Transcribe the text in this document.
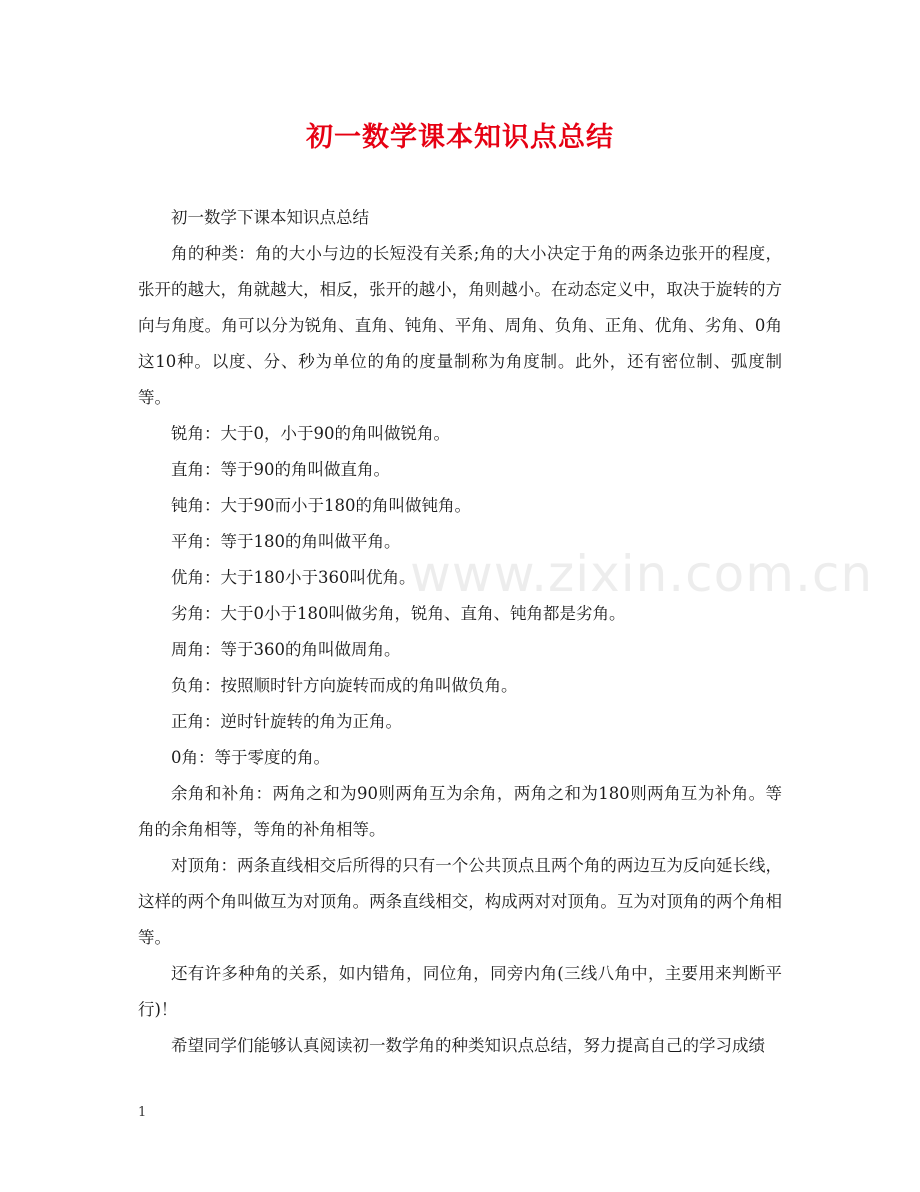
初一数学课本知识点总结

初一数学下课本知识点总结

角的种类：角的大小与边的长短没有关系;角的大小决定于角的两条边张开的程度，张开的越大，角就越大，相反，张开的越小，角则越小。在动态定义中，取决于旋转的方向与角度。角可以分为锐角、直角、钝角、平角、周角、负角、正角、优角、劣角、0角这10种。以度、分、秒为单位的角的度量制称为角度制。此外，还有密位制、弧度制等。

锐角：大于0，小于90的角叫做锐角。

直角：等于90的角叫做直角。

钝角：大于90而小于180的角叫做钝角。

平角：等于180的角叫做平角。

优角：大于180小于360叫优角。

劣角：大于0小于180叫做劣角，锐角、直角、钝角都是劣角。

周角：等于360的角叫做周角。

负角：按照顺时针方向旋转而成的角叫做负角。

正角：逆时针旋转的角为正角。

0角：等于零度的角。

余角和补角：两角之和为90则两角互为余角，两角之和为180则两角互为补角。等角的余角相等，等角的补角相等。

对顶角：两条直线相交后所得的只有一个公共顶点且两个角的两边互为反向延长线，这样的两个角叫做互为对顶角。两条直线相交，构成两对对顶角。互为对顶角的两个角相等。

还有许多种角的关系，如内错角，同位角，同旁内角(三线八角中，主要用来判断平行)！

希望同学们能够认真阅读初一数学角的种类知识点总结，努力提高自己的学习成绩

www.zixin.com.cn
1
